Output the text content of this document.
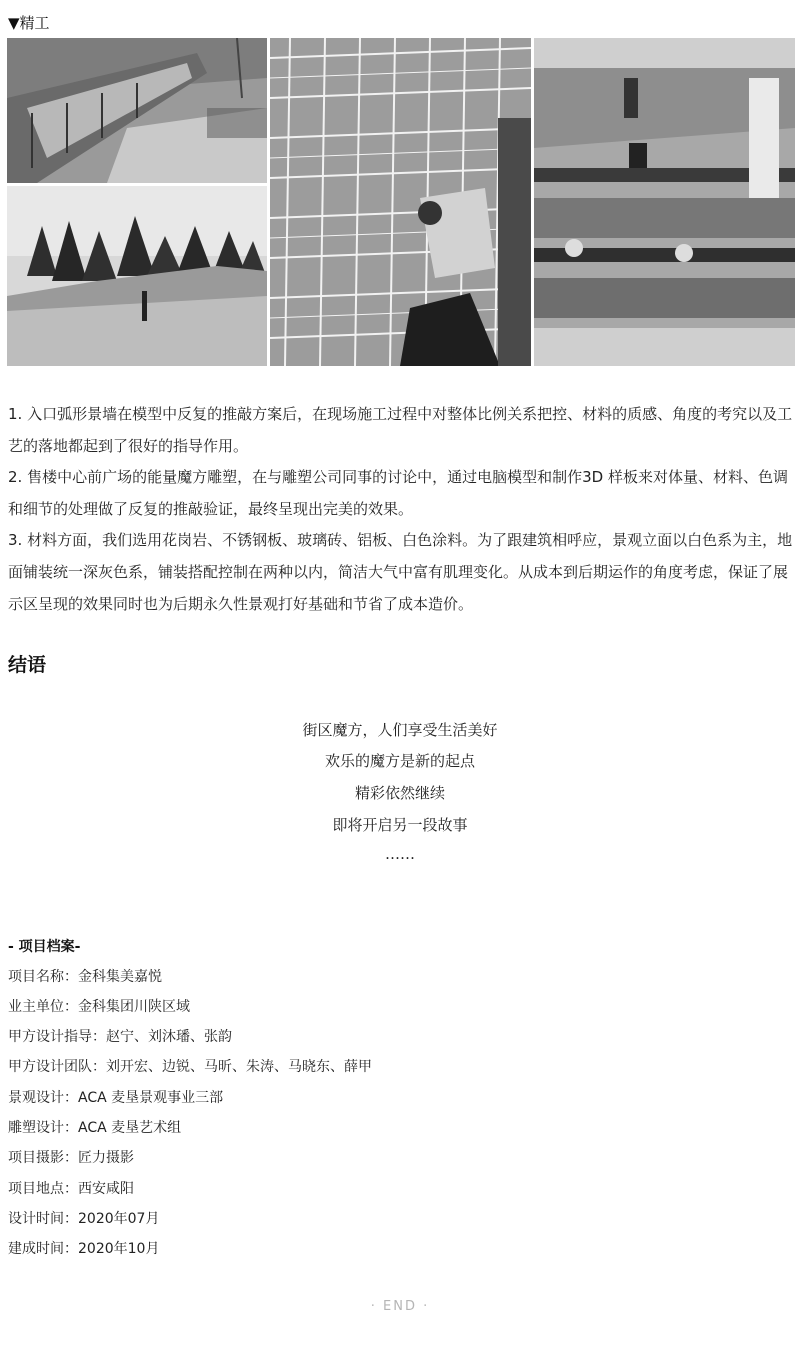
▼精工

1. 入口弧形景墙在模型中反复的推敲方案后，在现场施工过程中对整体比例关系把控、材料的质感、角度的考究以及工艺的落地都起到了很好的指导作用。

2. 售楼中心前广场的能量魔方雕塑，在与雕塑公司同事的讨论中，通过电脑模型和制作3D 样板来对体量、材料、色调和细节的处理做了反复的推敲验证，最终呈现出完美的效果。

3. 材料方面，我们选用花岗岩、不锈钢板、玻璃砖、铝板、白色涂料。为了跟建筑相呼应，景观立面以白色系为主，地面铺装统一深灰色系，铺装搭配控制在两种以内，简洁大气中富有肌理变化。从成本到后期运作的角度考虑，保证了展示区呈现的效果同时也为后期永久性景观打好基础和节省了成本造价。

结语
街区魔方，人们享受生活美好
欢乐的魔方是新的起点
精彩依然继续
即将开启另一段故事
……
- 项目档案-
项目名称：金科集美嘉悦
业主单位：金科集团川陕区域
甲方设计指导：赵宁、刘沐璠、张韵
甲方设计团队：刘开宏、边锐、马昕、朱涛、马晓东、薛甲
景观设计：ACA 麦垦景观事业三部
雕塑设计：ACA 麦垦艺术组
项目摄影：匠力摄影
项目地点：西安咸阳
设计时间：2020年07月
建成时间：2020年10月
· END ·
